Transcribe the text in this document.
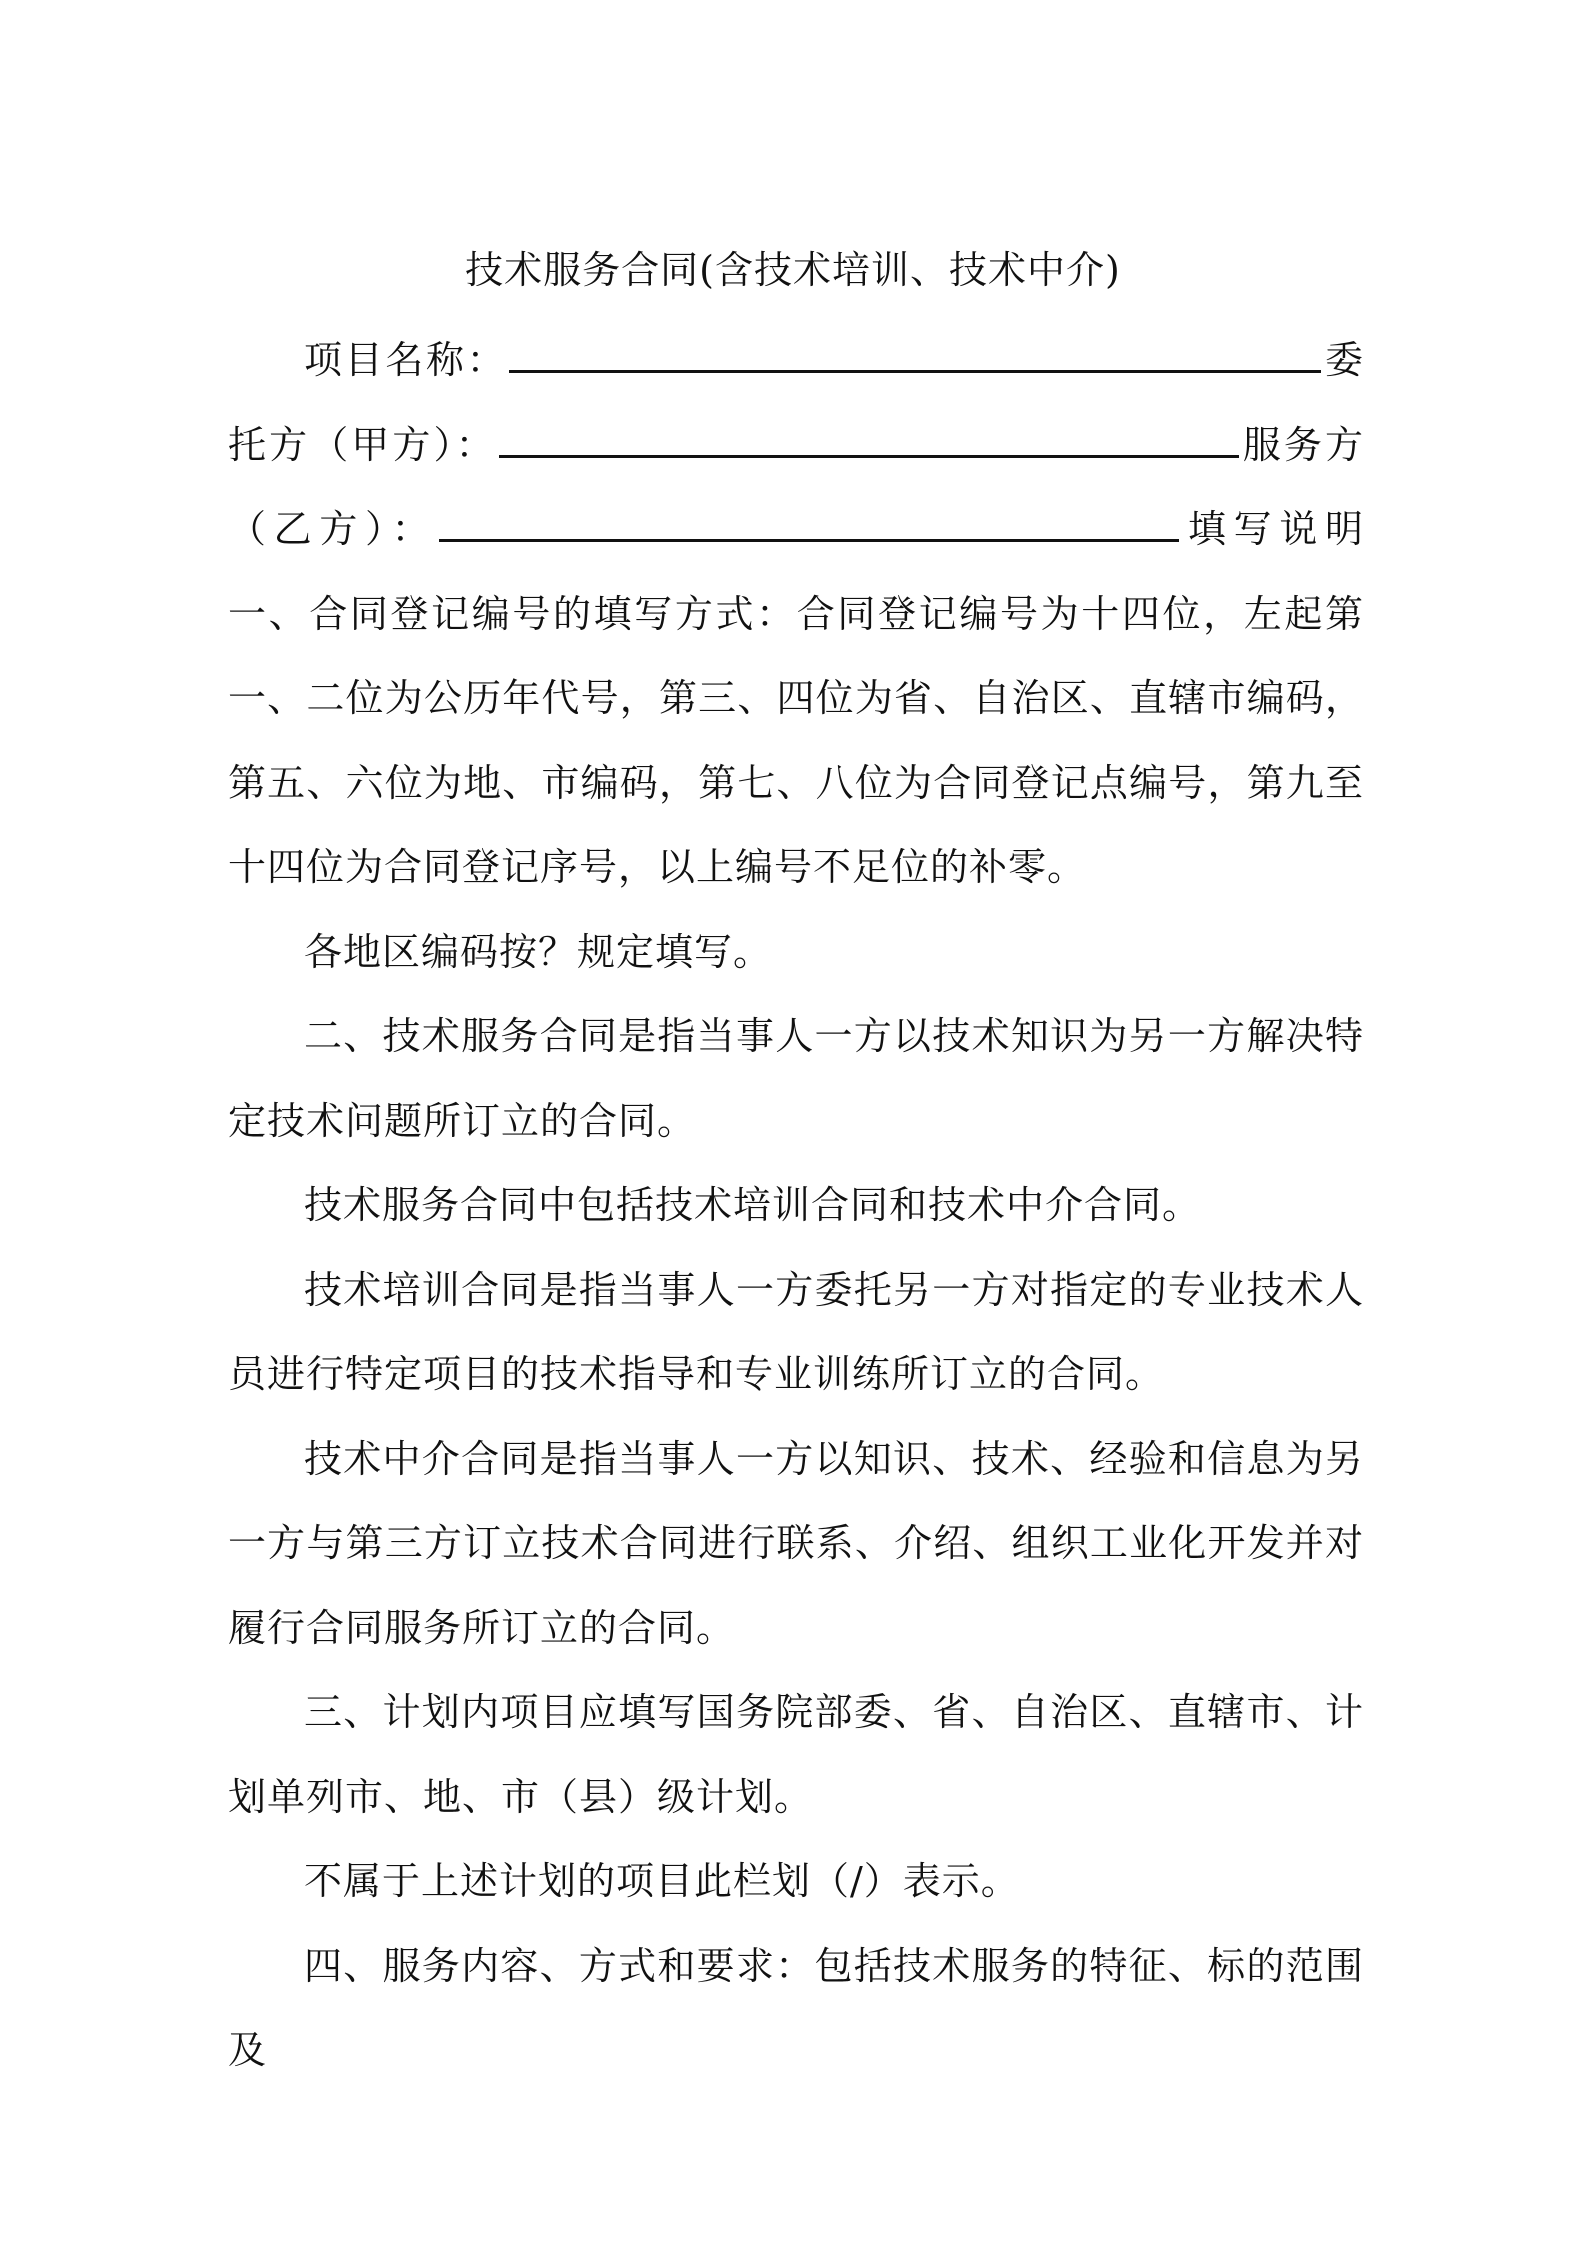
技术服务合同(含技术培训、技术中介)

项目名称：	委托方（甲方）：	服务方（乙方）：	填写说明一、合同登记编号的填写方式：合同登记编号为十四位，左起第一、二位为公历年代号，第三、四位为省、自治区、直辖市编码，第五、六位为地、市编码，第七、八位为合同登记点编号，第九至十四位为合同登记序号，以上编号不足位的补零。

各地区编码按？规定填写。

二、技术服务合同是指当事人一方以技术知识为另一方解决特定技术问题所订立的合同。

技术服务合同中包括技术培训合同和技术中介合同。

技术培训合同是指当事人一方委托另一方对指定的专业技术人员进行特定项目的技术指导和专业训练所订立的合同。

技术中介合同是指当事人一方以知识、技术、经验和信息为另一方与第三方订立技术合同进行联系、介绍、组织工业化开发并对履行合同服务所订立的合同。

三、计划内项目应填写国务院部委、省、自治区、直辖市、计划单列市、地、市（县）级计划。

不属于上述计划的项目此栏划（/）表示。

四、服务内容、方式和要求：包括技术服务的特征、标的范围及
